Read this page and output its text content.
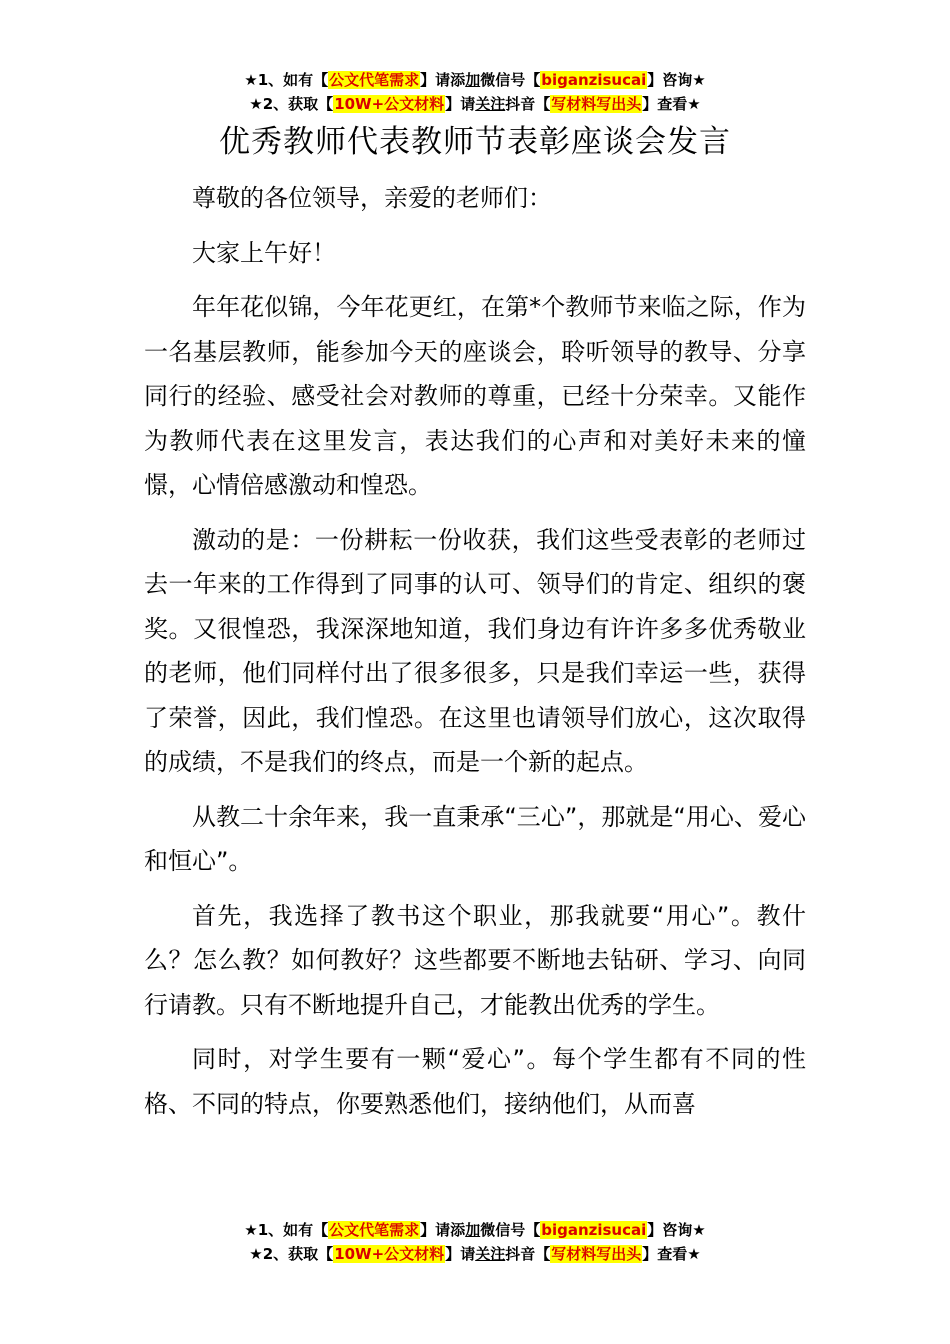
★1、如有【公文代笔需求】请添加微信号【biganzisucai】咨询★
★2、获取【10W+公文材料】请关注抖音【写材料写出头】查看★
优秀教师代表教师节表彰座谈会发言

尊敬的各位领导，亲爱的老师们：

大家上午好！

年年花似锦，今年花更红，在第*个教师节来临之际，作为一名基层教师，能参加今天的座谈会，聆听领导的教导、分享同行的经验、感受社会对教师的尊重，已经十分荣幸。又能作为教师代表在这里发言，表达我们的心声和对美好未来的憧憬，心情倍感激动和惶恐。

激动的是：一份耕耘一份收获，我们这些受表彰的老师过去一年来的工作得到了同事的认可、领导们的肯定、组织的褒奖。又很惶恐，我深深地知道，我们身边有许许多多优秀敬业的老师，他们同样付出了很多很多，只是我们幸运一些，获得了荣誉，因此，我们惶恐。在这里也请领导们放心，这次取得的成绩，不是我们的终点，而是一个新的起点。

从教二十余年来，我一直秉承“三心”，那就是“用心、爱心和恒心”。

首先，我选择了教书这个职业，那我就要“用心”。教什么？怎么教？如何教好？这些都要不断地去钻研、学习、向同行请教。只有不断地提升自己，才能教出优秀的学生。

同时，对学生要有一颗“爱心”。每个学生都有不同的性格、不同的特点，你要熟悉他们，接纳他们，从而喜

★1、如有【公文代笔需求】请添加微信号【biganzisucai】咨询★
★2、获取【10W+公文材料】请关注抖音【写材料写出头】查看★
